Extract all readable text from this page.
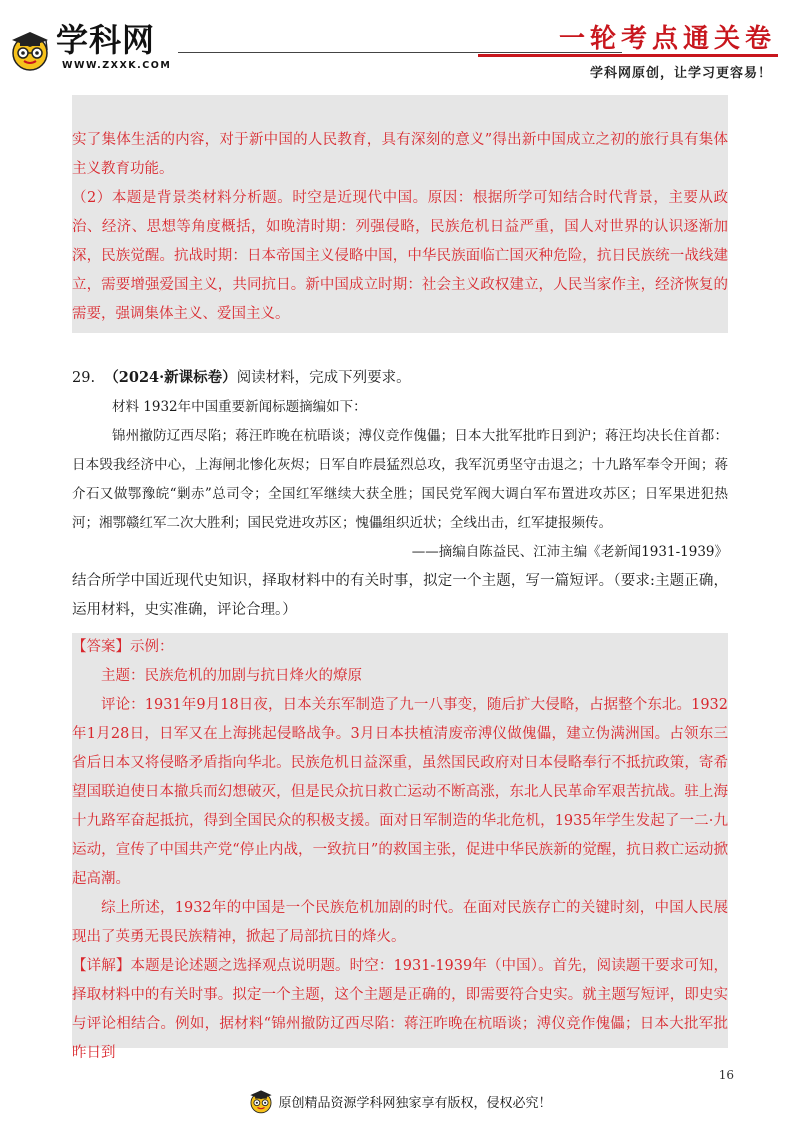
学科网
WWW.ZXXK.COM
一轮考点通关卷
学科网原创，让学习更容易！

实了集体生活的内容，对于新中国的人民教育，具有深刻的意义”得出新中国成立之初的旅行具有集体主义教育功能。

（2）本题是背景类材料分析题。时空是近现代中国。原因：根据所学可知结合时代背景，主要从政治、经济、思想等角度概括，如晚清时期：列强侵略，民族危机日益严重，国人对世界的认识逐渐加深，民族觉醒。抗战时期：日本帝国主义侵略中国，中华民族面临亡国灭种危险，抗日民族统一战线建立，需要增强爱国主义，共同抗日。新中国成立时期：社会主义政权建立，人民当家作主，经济恢复的需要，强调集体主义、爱国主义。

29. （2024·新课标卷）阅读材料，完成下列要求。

材料 1932年中国重要新闻标题摘编如下：

锦州撤防辽西尽陷；蒋汪昨晚在杭晤谈；溥仪竞作傀儡；日本大批军批昨日到沪；蒋汪均决长住首都：日本毁我经济中心，上海闸北惨化灰烬；日军自昨晨猛烈总攻，我军沉勇坚守击退之；十九路军奉令开闽；蒋介石又做鄂豫皖“剿赤”总司令；全国红军继续大获全胜；国民党军阀大调白军布置进攻苏区；日军果进犯热河；湘鄂赣红军二次大胜利；国民党进攻苏区；愧儡组织近状；全线出击，红军捷报频传。

——摘编自陈益民、江沛主编《老新闻1931-1939》

结合所学中国近现代史知识，择取材料中的有关时事，拟定一个主题，写一篇短评。（要求:主题正确，运用材料，史实准确，评论合理。）

【答案】示例：

主题：民族危机的加剧与抗日烽火的燎原

评论：1931年9月18日夜，日本关东军制造了九一八事变，随后扩大侵略，占据整个东北。1932年1月28日，日军又在上海挑起侵略战争。3月日本扶植清废帝溥仪做傀儡，建立伪满洲国。占领东三省后日本又将侵略矛盾指向华北。民族危机日益深重，虽然国民政府对日本侵略奉行不抵抗政策，寄希望国联迫使日本撤兵而幻想破灭，但是民众抗日救亡运动不断高涨，东北人民革命军艰苦抗战。驻上海十九路军奋起抵抗，得到全国民众的积极支援。面对日军制造的华北危机，1935年学生发起了一二·九运动，宣传了中国共产党“停止内战，一致抗日”的救国主张，促进中华民族新的觉醒，抗日救亡运动掀起高潮。

综上所述，1932年的中国是一个民族危机加剧的时代。在面对民族存亡的关键时刻，中国人民展现出了英勇无畏民族精神，掀起了局部抗日的烽火。

【详解】本题是论述题之选择观点说明题。时空：1931-1939年（中国）。首先，阅读题干要求可知，择取材料中的有关时事。拟定一个主题，这个主题是正确的，即需要符合史实。就主题写短评，即史实与评论相结合。例如，据材料“锦州撤防辽西尽陷：蒋汪昨晚在杭晤谈；溥仪竞作傀儡；日本大批军批昨日到

16
原创精品资源学科网独家享有版权，侵权必究！
